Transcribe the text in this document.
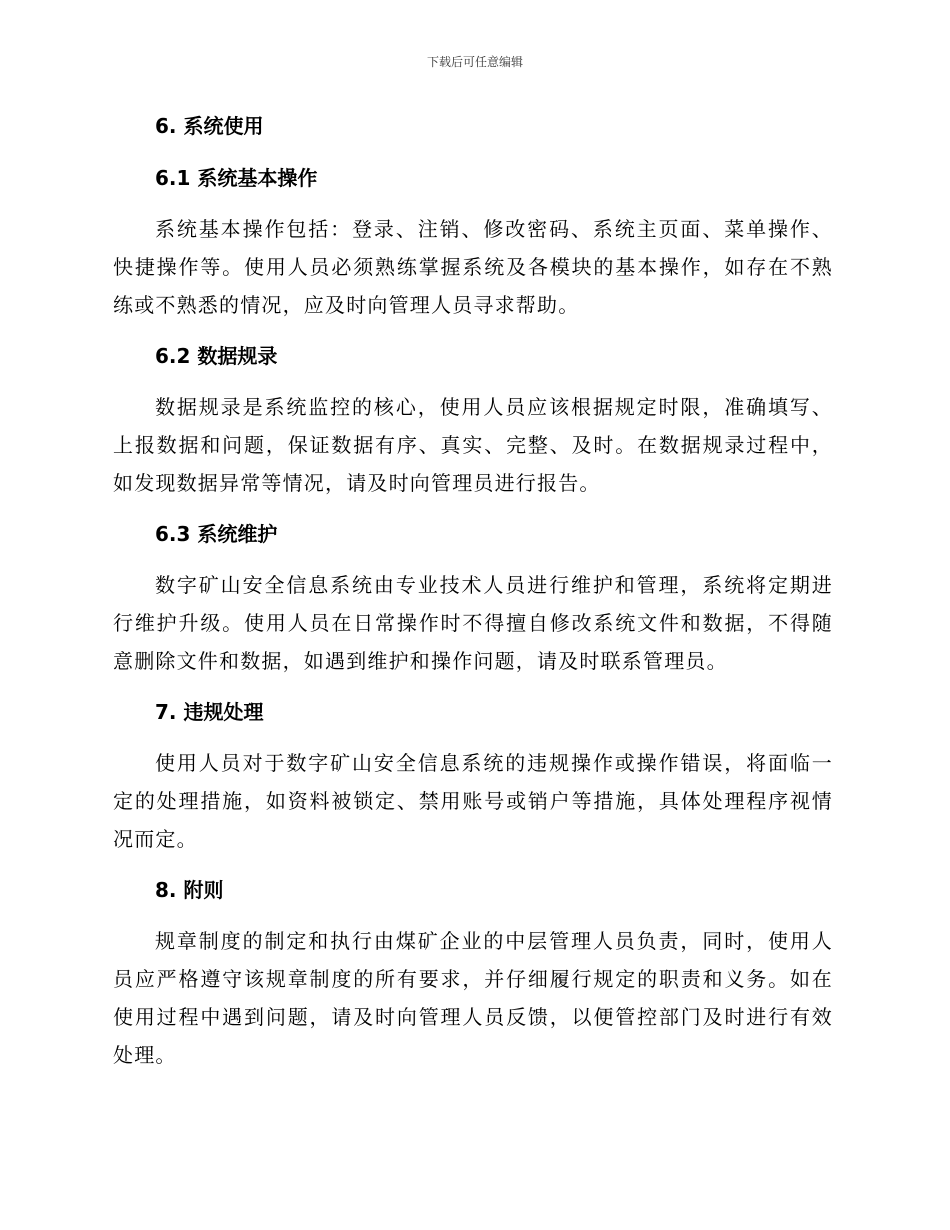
下载后可任意编辑
6. 系统使用
6.1 系统基本操作

系统基本操作包括：登录、注销、修改密码、系统主页面、菜单操作、快捷操作等。使用人员必须熟练掌握系统及各模块的基本操作，如存在不熟练或不熟悉的情况，应及时向管理人员寻求帮助。

6.2 数据规录

数据规录是系统监控的核心，使用人员应该根据规定时限，准确填写、上报数据和问题，保证数据有序、真实、完整、及时。在数据规录过程中，如发现数据异常等情况，请及时向管理员进行报告。

6.3 系统维护

数字矿山安全信息系统由专业技术人员进行维护和管理，系统将定期进行维护升级。使用人员在日常操作时不得擅自修改系统文件和数据，不得随意删除文件和数据，如遇到维护和操作问题，请及时联系管理员。

7. 违规处理

使用人员对于数字矿山安全信息系统的违规操作或操作错误，将面临一定的处理措施，如资料被锁定、禁用账号或销户等措施，具体处理程序视情况而定。

8. 附则

规章制度的制定和执行由煤矿企业的中层管理人员负责，同时，使用人员应严格遵守该规章制度的所有要求，并仔细履行规定的职责和义务。如在使用过程中遇到问题，请及时向管理人员反馈，以便管控部门及时进行有效处理。
